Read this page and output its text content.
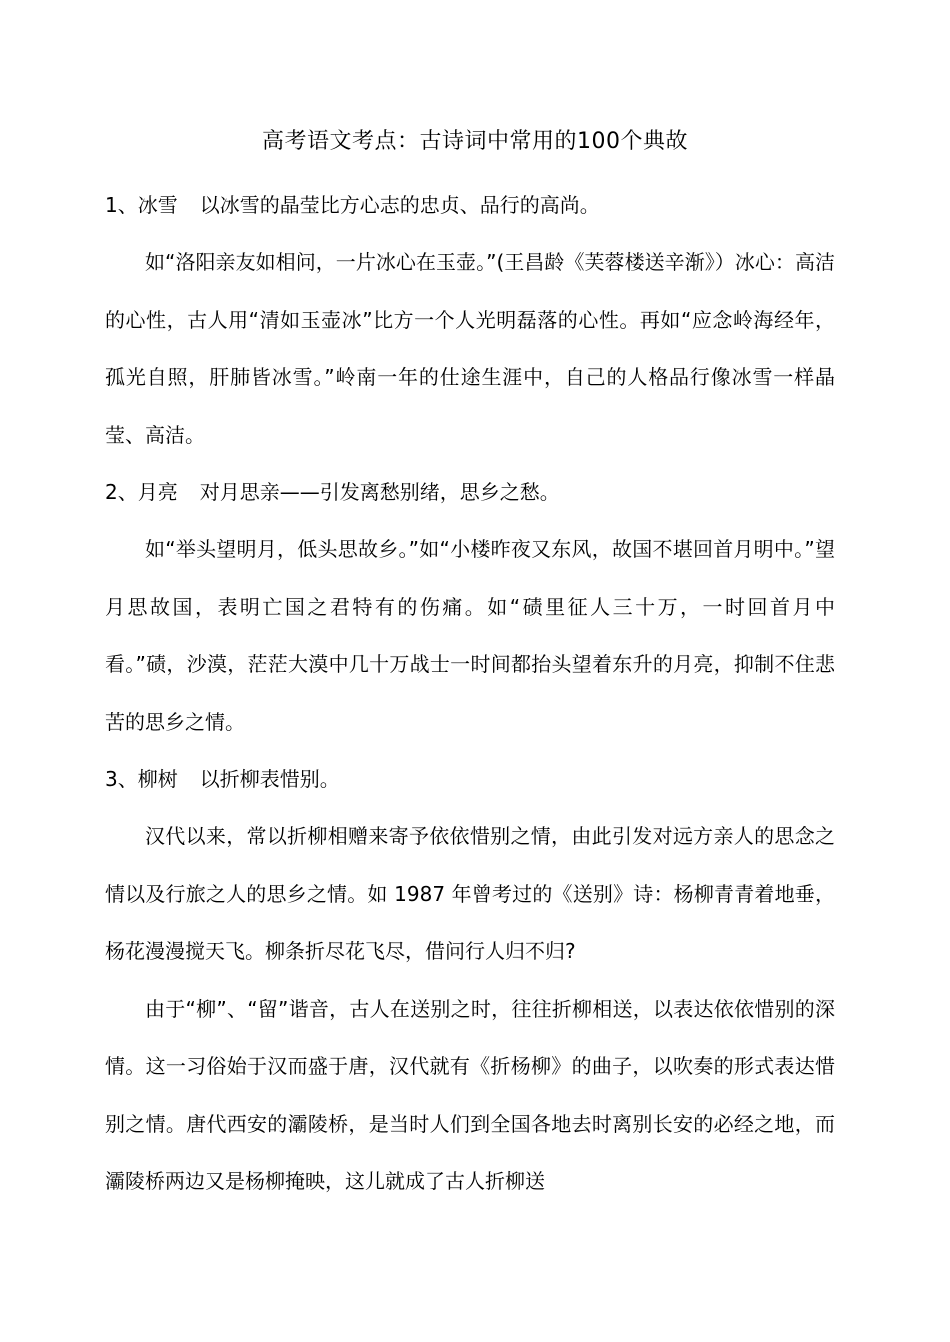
高考语文考点：古诗词中常用的100个典故

1、冰雪 以冰雪的晶莹比方心志的忠贞、品行的高尚。

如“洛阳亲友如相问，一片冰心在玉壶。”(王昌龄《芙蓉楼送辛渐》）冰心：高洁的心性，古人用“清如玉壶冰”比方一个人光明磊落的心性。再如“应念岭海经年，孤光自照，肝肺皆冰雪。”岭南一年的仕途生涯中，自己的人格品行像冰雪一样晶莹、高洁。

2、月亮 对月思亲——引发离愁别绪，思乡之愁。

如“举头望明月，低头思故乡。”如“小楼昨夜又东风，故国不堪回首月明中。”望月思故国，表明亡国之君特有的伤痛。如“碛里征人三十万，一时回首月中看。”碛，沙漠，茫茫大漠中几十万战士一时间都抬头望着东升的月亮，抑制不住悲苦的思乡之情。

3、柳树 以折柳表惜别。

汉代以来，常以折柳相赠来寄予依依惜别之情，由此引发对远方亲人的思念之情以及行旅之人的思乡之情。如 1987 年曾考过的《送别》诗：杨柳青青着地垂，杨花漫漫搅天飞。柳条折尽花飞尽，借问行人归不归?

由于“柳”、“留”谐音，古人在送别之时，往往折柳相送，以表达依依惜别的深情。这一习俗始于汉而盛于唐，汉代就有《折杨柳》的曲子，以吹奏的形式表达惜别之情。唐代西安的灞陵桥，是当时人们到全国各地去时离别长安的必经之地，而灞陵桥两边又是杨柳掩映，这儿就成了古人折柳送
